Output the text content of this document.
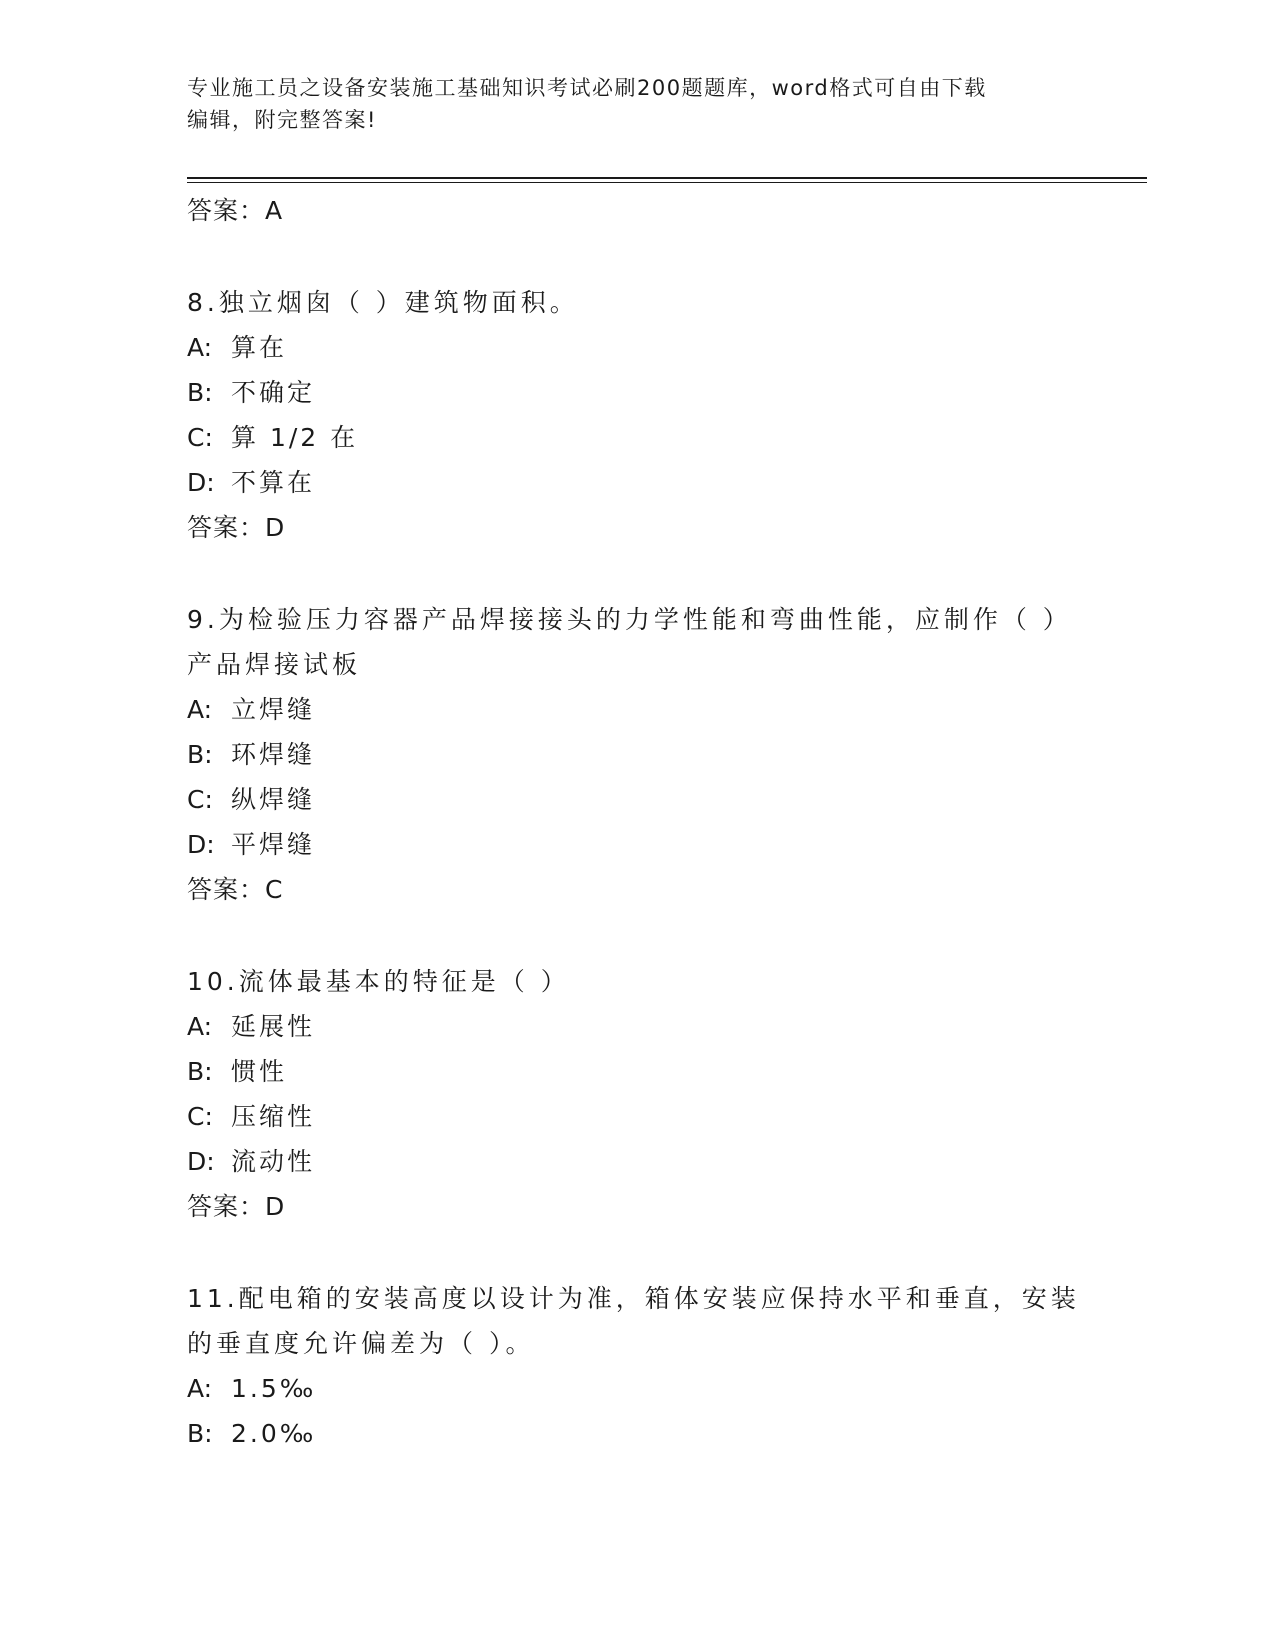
专业施工员之设备安装施工基础知识考试必刷200题题库，word格式可自由下载
编辑，附完整答案!
答案：A
8.独立烟囱（ ）建筑物面积。
A: 算在
B: 不确定
C: 算 1/2 在
D: 不算在
答案：D
9.为检验压力容器产品焊接接头的力学性能和弯曲性能，应制作（ ）
产品焊接试板
A: 立焊缝
B: 环焊缝
C: 纵焊缝
D: 平焊缝
答案：C
10.流体最基本的特征是（ ）
A: 延展性
B: 惯性
C: 压缩性
D: 流动性
答案：D
11.配电箱的安装高度以设计为准，箱体安装应保持水平和垂直，安装
的垂直度允许偏差为（ ）。
A: 1.5‰
B: 2.0‰
